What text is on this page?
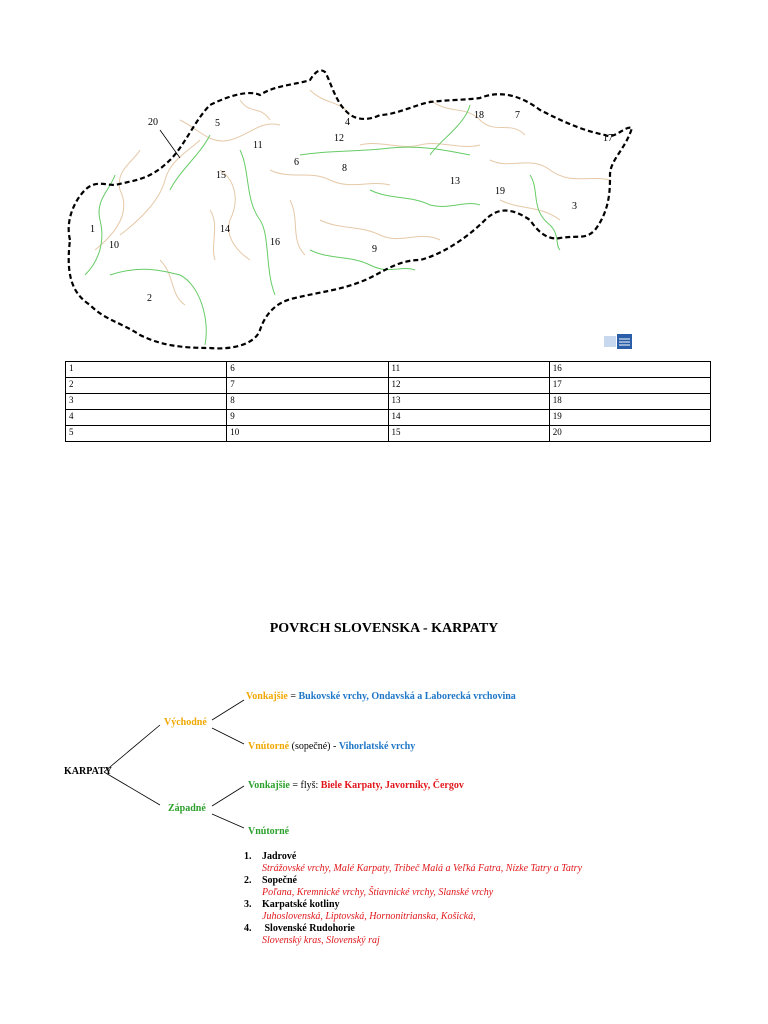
1
2
3
4
5
6
7
8
9
10
11
12
13
14
15
16
17
18
19
20
1	6	11	16
2	7	12	17
3	8	13	18
4	9	14	19
5	10	15	20
POVRCH SLOVENSKA - KARPATY
KARPATY
Východné
Vonkajšie = Bukovské vrchy, Ondavská a Laborecká vrchovina
Vnútorné (sopečné) - Vihorlatské vrchy
Západné
Vonkajšie = flyš: Biele Karpaty, Javorníky, Čergov
Vnútorné
1. Jadrové
Strážovské vrchy, Malé Karpaty, Tribeč Malá a Veľká Fatra, Nízke Tatry a Tatry
2. Sopečné
Poľana, Kremnické vrchy, Štiavnické vrchy, Slanské vrchy
3. Karpatské kotliny
Juhoslovenská, Liptovská, Hornonitrianska, Košická,
4. Slovenské Rudohorie
Slovenský kras, Slovenský raj
